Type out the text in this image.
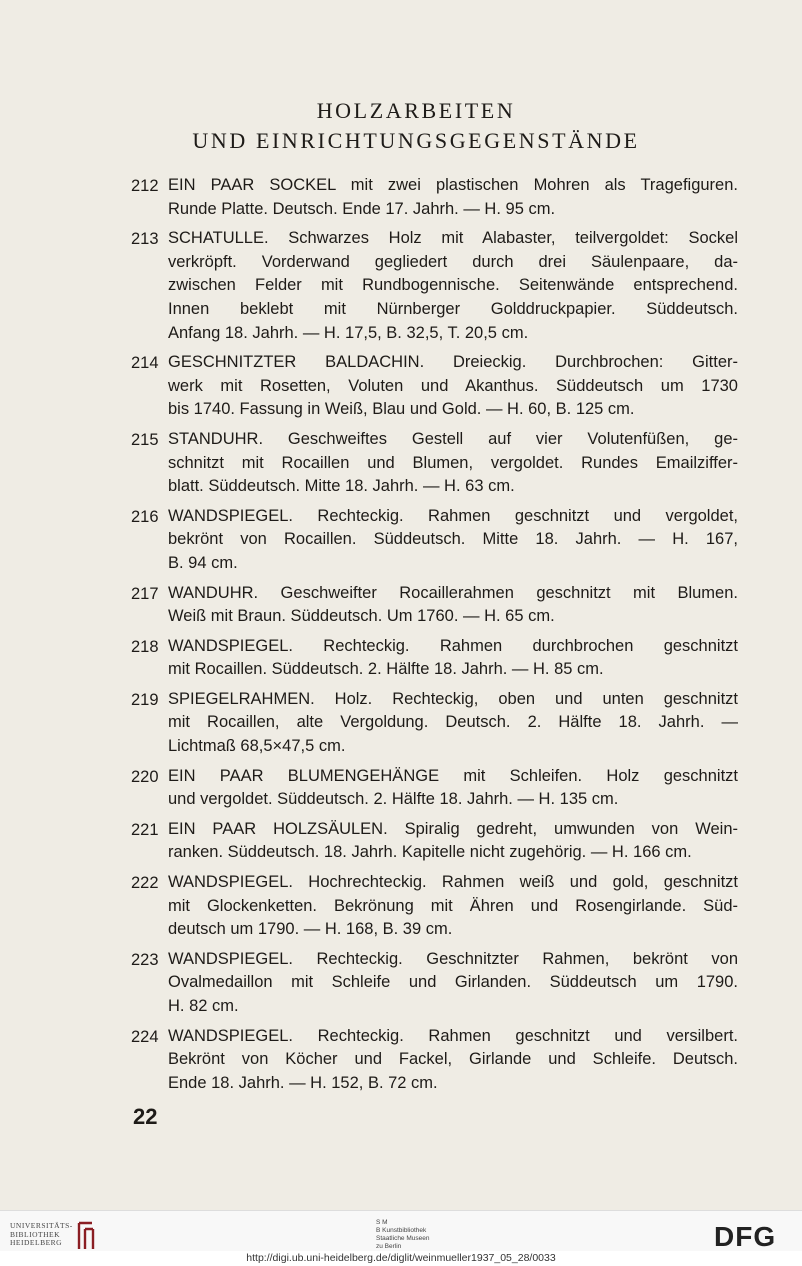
HOLZARBEITEN
UND EINRICHTUNGSGEGENSTÄNDE
212 EIN PAAR SOCKEL mit zwei plastischen Mohren als Tragefiguren.
Runde Platte. Deutsch. Ende 17. Jahrh. — H. 95 cm.
213 SCHATULLE. Schwarzes Holz mit Alabaster, teilvergoldet: Sockel
verkröpft. Vorderwand gegliedert durch drei Säulenpaare, da-
zwischen Felder mit Rundbogennische. Seitenwände entsprechend.
Innen beklebt mit Nürnberger Golddruckpapier. Süddeutsch.
Anfang 18. Jahrh. — H. 17,5, B. 32,5, T. 20,5 cm.
214 GESCHNITZTER BALDACHIN. Dreieckig. Durchbrochen: Gitter-
werk mit Rosetten, Voluten und Akanthus. Süddeutsch um 1730
bis 1740. Fassung in Weiß, Blau und Gold. — H. 60, B. 125 cm.
215 STANDUHR. Geschweiftes Gestell auf vier Volutenfüßen, ge-
schnitzt mit Rocaillen und Blumen, vergoldet. Rundes Emailziffer-
blatt. Süddeutsch. Mitte 18. Jahrh. — H. 63 cm.
216 WANDSPIEGEL. Rechteckig. Rahmen geschnitzt und vergoldet,
bekrönt von Rocaillen. Süddeutsch. Mitte 18. Jahrh. — H. 167,
B. 94 cm.
217 WANDUHR. Geschweifter Rocaillerahmen geschnitzt mit Blumen.
Weiß mit Braun. Süddeutsch. Um 1760. — H. 65 cm.
218 WANDSPIEGEL. Rechteckig. Rahmen durchbrochen geschnitzt
mit Rocaillen. Süddeutsch. 2. Hälfte 18. Jahrh. — H. 85 cm.
219 SPIEGELRAHMEN. Holz. Rechteckig, oben und unten geschnitzt
mit Rocaillen, alte Vergoldung. Deutsch. 2. Hälfte 18. Jahrh. —
Lichtmaß 68,5×47,5 cm.
220 EIN PAAR BLUMENGEHÄNGE mit Schleifen. Holz geschnitzt
und vergoldet. Süddeutsch. 2. Hälfte 18. Jahrh. — H. 135 cm.
221 EIN PAAR HOLZSÄULEN. Spiralig gedreht, umwunden von Wein-
ranken. Süddeutsch. 18. Jahrh. Kapitelle nicht zugehörig. — H. 166 cm.
222 WANDSPIEGEL. Hochrechteckig. Rahmen weiß und gold, geschnitzt
mit Glockenketten. Bekrönung mit Ähren und Rosengirlande. Süd-
deutsch um 1790. — H. 168, B. 39 cm.
223 WANDSPIEGEL. Rechteckig. Geschnitzter Rahmen, bekrönt von
Ovalmedaillon mit Schleife und Girlanden. Süddeutsch um 1790.
H. 82 cm.
224 WANDSPIEGEL. Rechteckig. Rahmen geschnitzt und versilbert.
Bekrönt von Köcher und Fackel, Girlande und Schleife. Deutsch.
Ende 18. Jahrh. — H. 152, B. 72 cm.
22
UNIVERSITÄTS-
BIBLIOTHEK
HEIDELBERG
S M
B Kunstbibliothek
Staatliche Museen
zu Berlin	DFG
http://digi.ub.uni-heidelberg.de/diglit/weinmueller1937_05_28/0033
